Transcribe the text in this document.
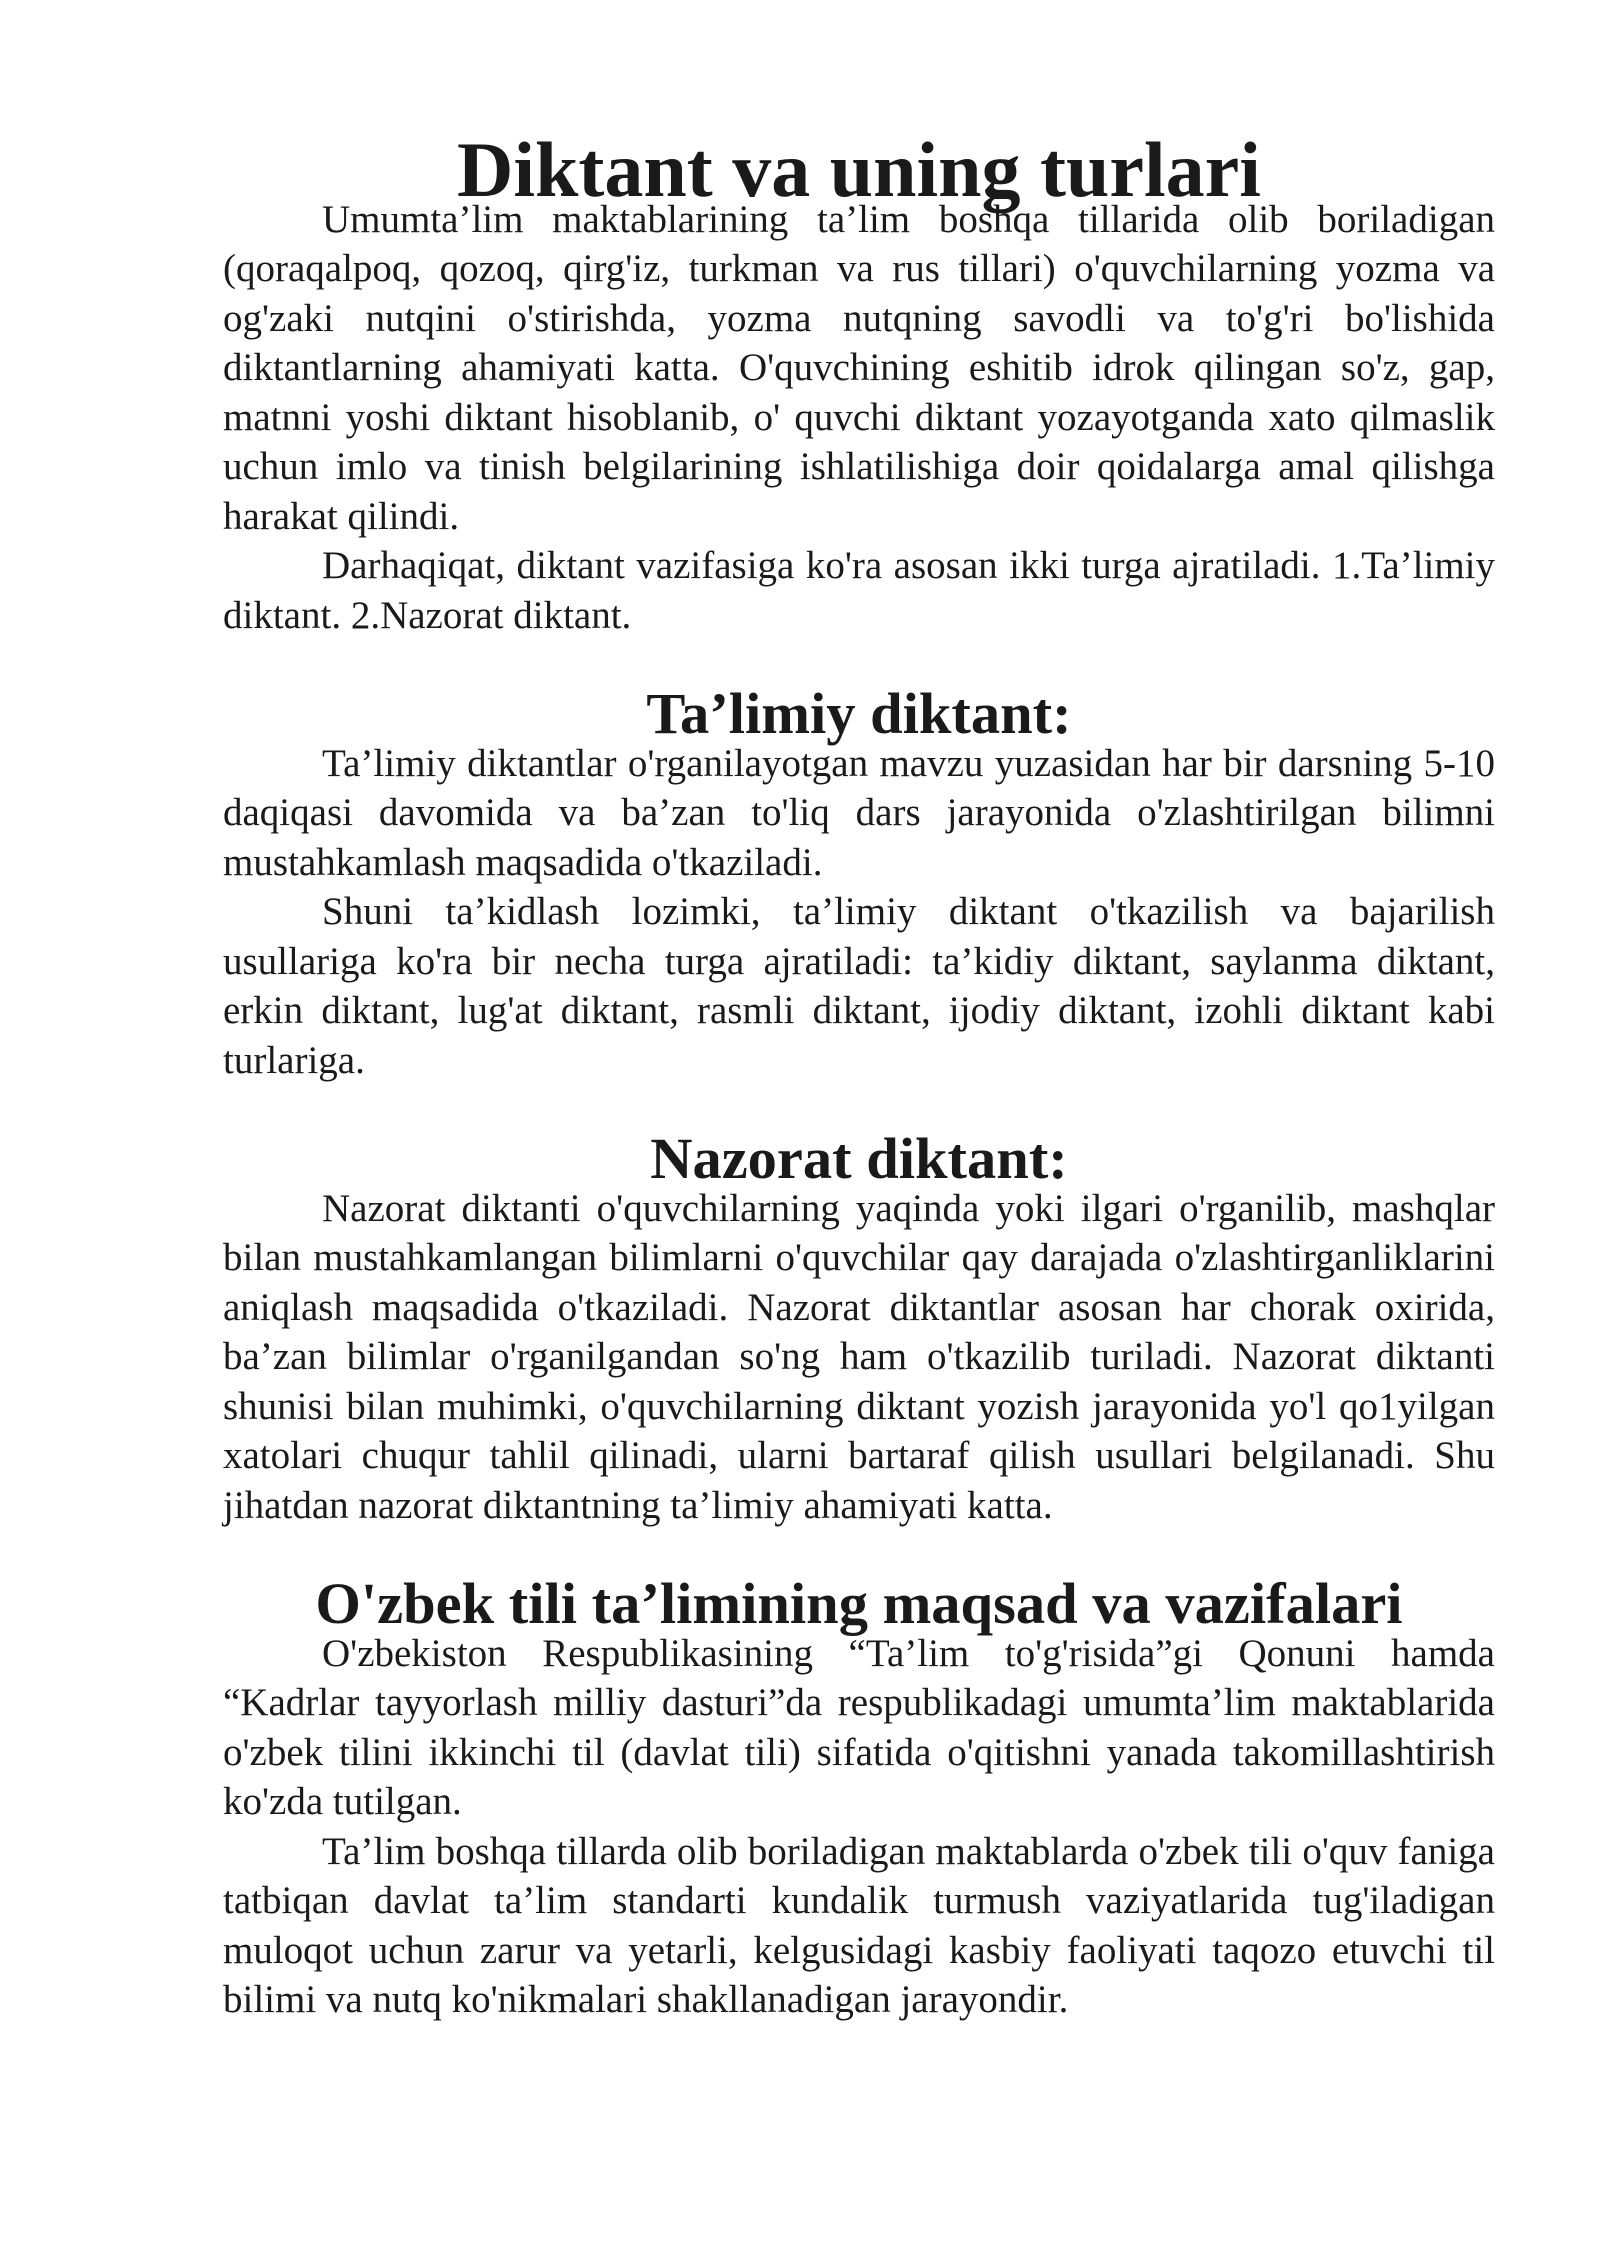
Diktant va uning turlari

Umumta’lim maktablarining ta’lim boshqa tillarida olib boriladigan (qoraqalpoq, qozoq, qirg'iz, turkman va rus tillari) o'quvchilarning yozma va og'zaki nutqini o'stirishda, yozma nutqning savodli va to'g'ri bo'lishida diktantlarning ahamiyati katta. O'quvchining eshitib idrok qilingan so'z, gap, matnni yoshi diktant hisoblanib, o' quvchi diktant yozayotganda xato qilmaslik uchun imlo va tinish belgilarining ishlatilishiga doir qoidalarga amal qilishga harakat qilindi.

Darhaqiqat, diktant vazifasiga ko'ra asosan ikki turga ajratiladi. 1.Ta’limiy diktant. 2.Nazorat diktant.

Ta’limiy diktant:

Ta’limiy diktantlar o'rganilayotgan mavzu yuzasidan har bir darsning 5-10 daqiqasi davomida va ba’zan to'liq dars jarayonida o'zlashtirilgan bilimni mustahkamlash maqsadida o'tkaziladi.

Shuni ta’kidlash lozimki, ta’limiy diktant o'tkazilish va bajarilish usullariga ko'ra bir necha turga ajratiladi: ta’kidiy diktant, saylanma diktant, erkin diktant, lug'at diktant, rasmli diktant, ijodiy diktant, izohli diktant kabi turlariga.

Nazorat diktant:

Nazorat diktanti o'quvchilarning yaqinda yoki ilgari o'rganilib, mashqlar bilan mustahkamlangan bilimlarni o'quvchilar qay darajada o'zlashtirganliklarini aniqlash maqsadida o'tkaziladi. Nazorat diktantlar asosan har chorak oxirida, ba’zan bilimlar o'rganilgandan so'ng ham o'tkazilib turiladi. Nazorat diktanti shunisi bilan muhimki, o'quvchilarning diktant yozish jarayonida yo'l qo1yilgan xatolari chuqur tahlil qilinadi, ularni bartaraf qilish usullari belgilanadi. Shu jihatdan nazorat diktantning ta’limiy ahamiyati katta.

O'zbek tili ta’limining maqsad va vazifalari

O'zbekiston Respublikasining “Ta’lim to'g'risida”gi Qonuni hamda “Kadrlar tayyorlash milliy dasturi”da respublikadagi umumta’lim maktablarida o'zbek tilini ikkinchi til (davlat tili) sifatida o'qitishni yanada takomillashtirish ko'zda tutilgan.

Ta’lim boshqa tillarda olib boriladigan maktablarda o'zbek tili o'quv faniga tatbiqan davlat ta’lim standarti kundalik turmush vaziyatlarida tug'iladigan muloqot uchun zarur va yetarli, kelgusidagi kasbiy faoliyati taqozo etuvchi til bilimi va nutq ko'nikmalari shakllanadigan jarayondir.
